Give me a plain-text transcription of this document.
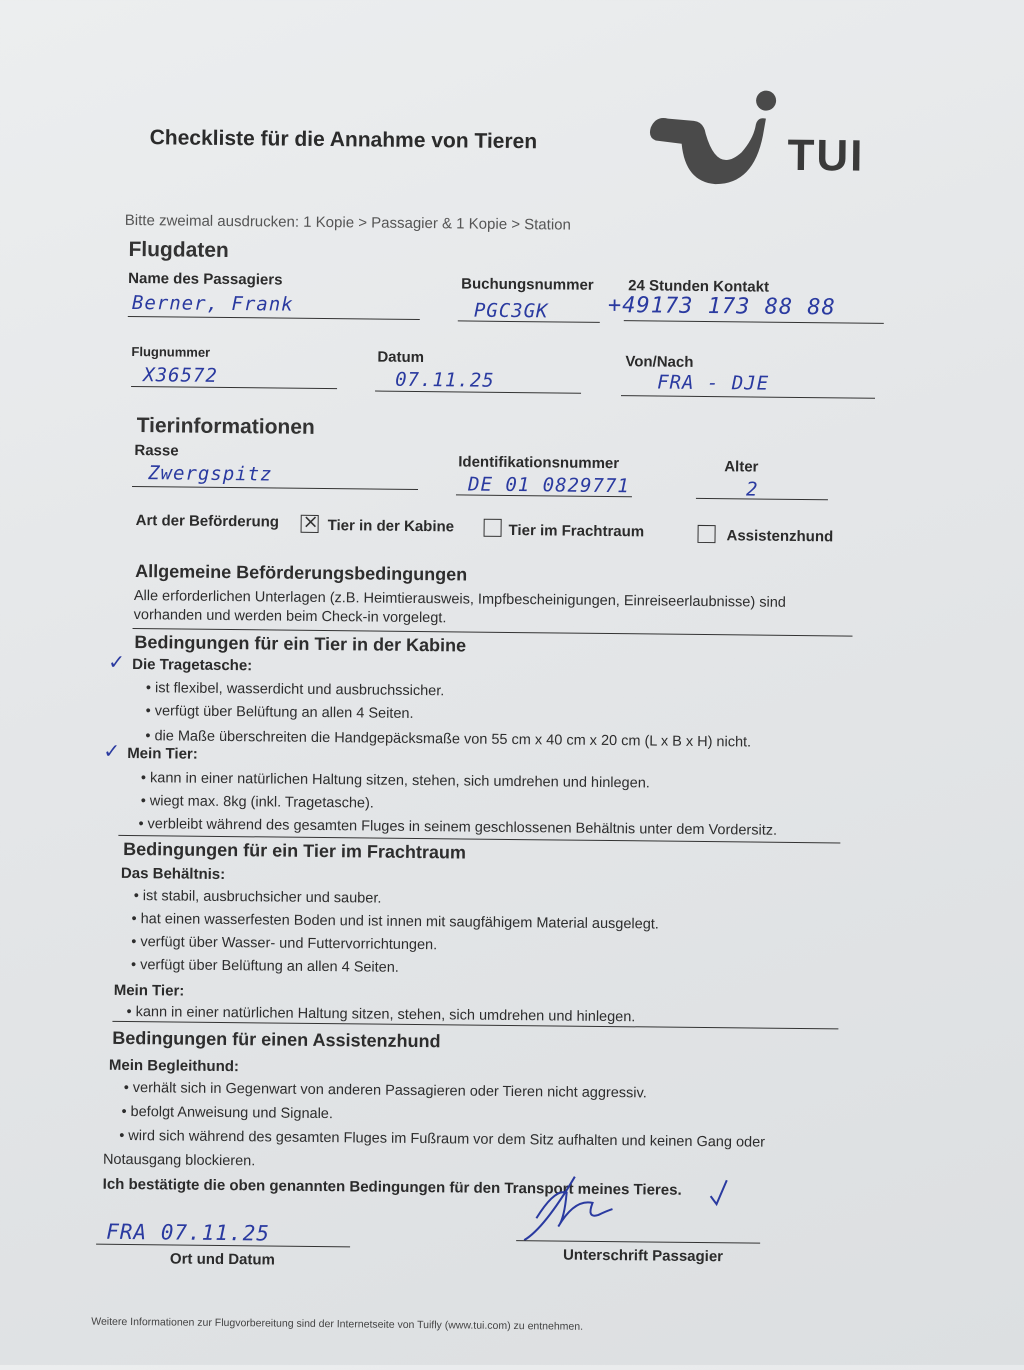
Checkliste für die Annahme von Tieren	TUI
Bitte zweimal ausdrucken: 1 Kopie > Passagier & 1 Kopie > Station
Flugdaten
Name des Passagiers
Berner, Frank
Buchungsnummer
PGC3GK
24 Stunden Kontakt
+49173 173 88 88
Flugnummer
X36572
Datum
07.11.25
Von/Nach
FRA - DJE
Tierinformationen
Rasse
Zwergspitz	Identifikationsnummer
DE 01 0829771
Alter
2
Art der Beförderung
×	Tier in der Kabine	Tier im Frachtraum	Assistenzhund
Allgemeine Beförderungsbedingungen
Alle erforderlichen Unterlagen (z.B. Heimtierausweis, Impfbescheinigungen, Einreiseerlaubnisse) sind
vorhanden und werden beim Check-in vorgelegt.
Bedingungen für ein Tier in der Kabine
✓ Die Tragetasche:
• ist flexibel, wasserdicht und ausbruchssicher.
• verfügt über Belüftung an allen 4 Seiten.
• die Maße überschreiten die Handgepäcksmaße von 55 cm x 40 cm x 20 cm (L x B x H) nicht.
✓ Mein Tier:
• kann in einer natürlichen Haltung sitzen, stehen, sich umdrehen und hinlegen.
• wiegt max. 8kg (inkl. Tragetasche).
• verbleibt während des gesamten Fluges in seinem geschlossenen Behältnis unter dem Vordersitz.
Bedingungen für ein Tier im Frachtraum
Das Behältnis:
• ist stabil, ausbruchsicher und sauber.
• hat einen wasserfesten Boden und ist innen mit saugfähigem Material ausgelegt.
• verfügt über Wasser- und Futtervorrichtungen.
• verfügt über Belüftung an allen 4 Seiten.
Mein Tier:
• kann in einer natürlichen Haltung sitzen, stehen, sich umdrehen und hinlegen.
Bedingungen für einen Assistenzhund
Mein Begleithund:
• verhält sich in Gegenwart von anderen Passagieren oder Tieren nicht aggressiv.
• befolgt Anweisung und Signale.
• wird sich während des gesamten Fluges im Fußraum vor dem Sitz aufhalten und keinen Gang oder
Notausgang blockieren.
Ich bestätigte die oben genannten Bedingungen für den Transport meines Tieres.
FRA 07.11.25
Ort und Datum	Unterschrift Passagier
Weitere Informationen zur Flugvorbereitung sind der Internetseite von Tuifly (www.tui.com) zu entnehmen.
